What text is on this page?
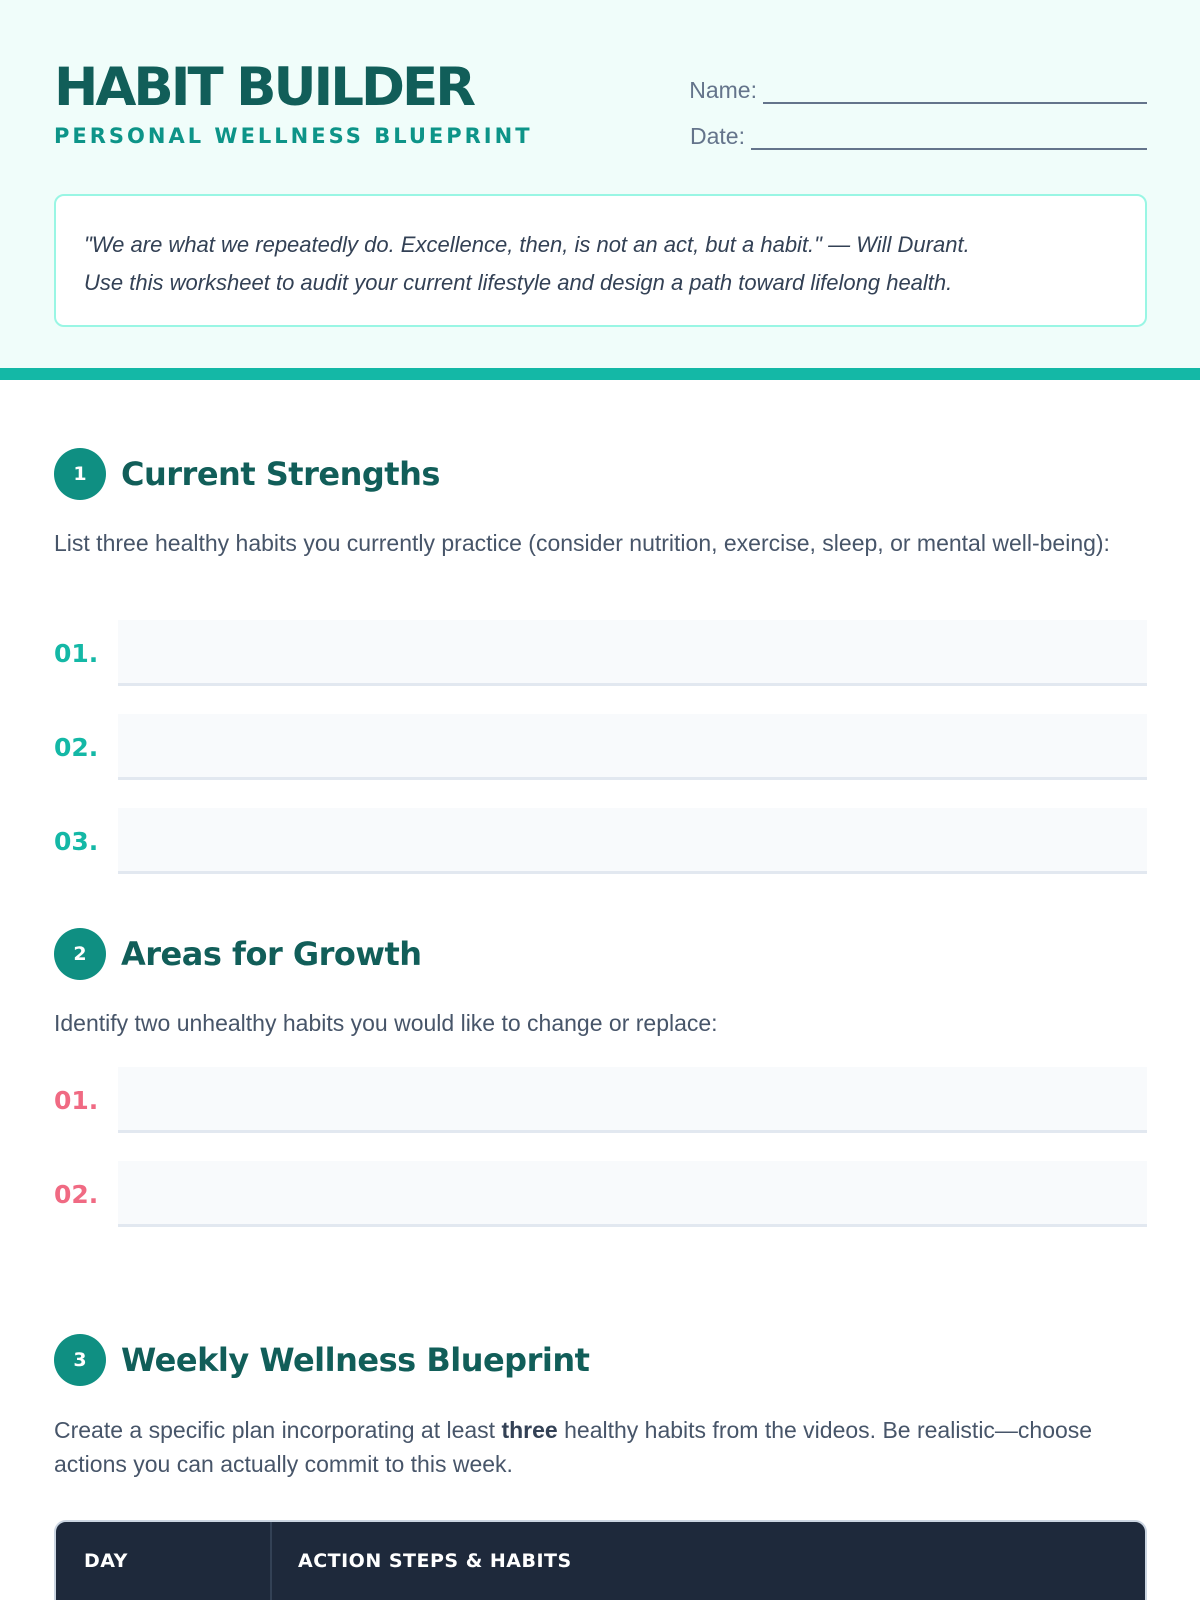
HABIT BUILDER
PERSONAL WELLNESS BLUEPRINT
Name:
Date:

"We are what we repeatedly do. Excellence, then, is not an act, but a habit." — Will Durant.

Use this worksheet to audit your current lifestyle and design a path toward lifelong health.

1	Current Strengths
List three healthy habits you currently practice (consider nutrition, exercise, sleep, or mental well-being):
01.
02.
03.
2	Areas for Growth
Identify two unhealthy habits you would like to change or replace:
01.
02.
3	Weekly Wellness Blueprint
Create a specific plan incorporating at least three healthy habits from the videos. Be realistic—choose actions you can actually commit to this week.
DAY	ACTION STEPS & HABITS
